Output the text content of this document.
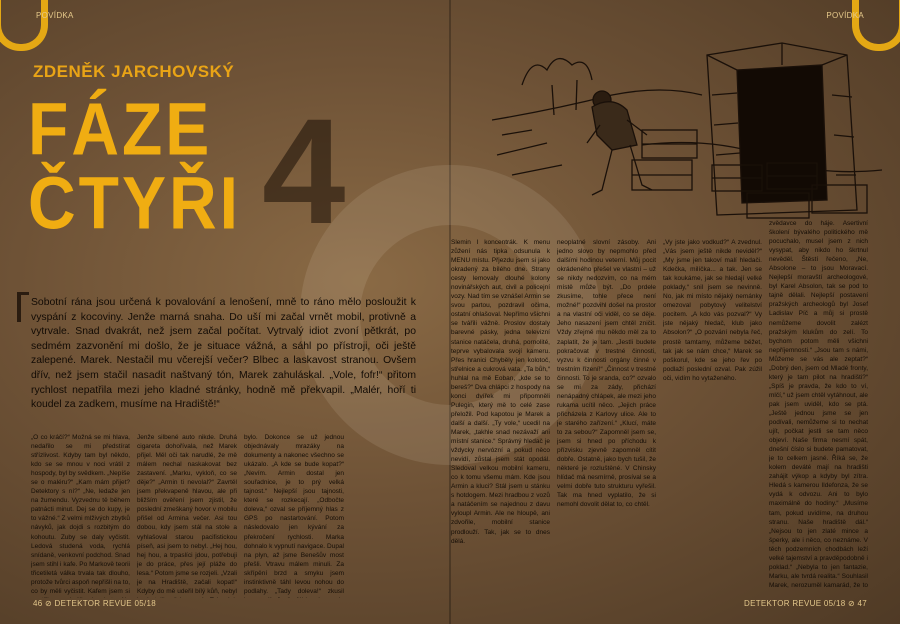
POVÍDKA	POVÍDKA
ZDENĚK JARCHOVSKÝ
4
FÁZE
ČTYŘI
Sobotní rána jsou určená k povalování a lenošení, mně to ráno mělo posloužit k vyspání z kocoviny. Jenže marná snaha. Do uší mi začal vrnět mobil, protivně a vytrvale. Snad dvakrát, než jsem začal počítat. Vytrvalý idiot zvoní pětkrát, po sedmém zazvonění mi došlo, že je situace vážná, a sáhl po přístroji, oči ještě zalepené. Marek. Nestačil mu včerejší večer? Blbec a laskavost stranou. Ovšem dřív, než jsem stačil nasadit naštvaný tón, Marek zahuláskal. „Vole, fofr!“ přitom rychlost nepatřila mezi jeho kladné stránky, hodně mě překvapil. „Malér, hoří ti koudel za zadkem, musíme na Hradiště!“
„O co kráčí?“ Možná se mi hlava, nedařilo se mi předstírat střízlivost. Kdyby tam byl někdo, kdo se se mnou v noci vrátil z hospody, byl by svědkem. „Nepíše se o maléru?“ „Kam mám přijet? Detektory s ní?“ „Ne, ledaže jen na žumendu. Vyzvednu tě během patnácti minut. Dej se do kupy, je to vážné.“ Z velmi mlživých zbytků návyků, jak dojdi s rozbitým do kohoutu. Zuby se daly vyčistit. Ledová studená voda, rychlá snídaně, venkovní podchod. Snad jsem stihl i kafe. Po Markově teorii třicetiletá válka trvala tak dlouho, protože tvůrci aspoň nepřišli na to, co by měli vyčistit. Kafem jsem si
Jenže silbené auto nikde. Druhá cigareta dohořívala, než Marek přijel. Měl oči tak narudlé, že mě málem nechal naskakovat bez zastavení. „Marku, vykloň, co se děje?“ „Armin ti nevolal?“ Zavrtěl jsem překvapeně hlavou, ale při bližším ověření jsem zjistil, že poslední zmeškaný hovor v mobilu přišel od Armina večer. Asi tou dobou, kdy jsem stál na stole a vyhlašoval starou pacifistickou píseň, asi jsem to nebyl. „Hej hou, hej hou, a trpaslíci jdou, potřebuji je do práce, přes její pláže do lesa.“ Potom jsme se rozjeli. „Vzali je na Hradiště, začali kopat!“ Kdyby do mě udeřil bílý kůň, nebyl
bylo. Dokonce se už jednou objednávaly mrazáky na dokumenty a nakonec všechno se ukázalo. „A kde se bude kopat?“ „Nevím. Armin dostal jen souřadnice, je to prý velká tajnost.“ Nejlepší jsou tajnosti, které se rozkecají. „Odbočte doleva,“ ozval se příjemný hlas z GPS po nastartování. Potom následovalo jen kývání za překročení rychlosti. Marka dohnalo k vypnutí navigace. Dupal na plyn, až jsme Benešův most přešli. Vtravu málem minuli. Za skřípění brzd a smyku jsem instinktivně táhl levou nohou do podlahy. „Tady doleva!“ zkusil
Slemin I koncentrák. K menu zůžení nás tipka odsunula k MENU místu. Přjezdu jsem si jako okradený za bílého dne. Strany cesty lemovaly dlouhé kolony novinářských aut, civil a policejní vozy. Nad tím se vznášel Armin se svou partou, pozdravil očima, ostatní ohlašoval. Nepřímo všichni se tvářili vážně. Proslov dostaly barevné pásky, jedna televizní stanice natáčela, druhá, pornolité, teprve vybalovala svojí kameru. Přes hranici Chyběly jen kolotoč, střelnice a cukrová vata. „Ta bůh,“ huhlal na mě Eoban, „kde se to bereš?“ Dva chlápci z hospody na konci dvířek mi připomněli Pulegin, který mě to celé zase přeložil. Pod kapotou je Marek a další a další. „Ty vole,“ ucedil na Marek, „takhle snad nezávaží ani místní stanice.“ Správný hledač je vždycky nervózní a pokud něco nevidí, zůstal jsem stát opodál. Sledoval velkou mobilní kameru, co k tomu všemu mám. Kde jsou Armin a kluci? Stál jsem u stánku s hotdogem. Mezi hradbou z vozů a natáčením se najednou z davu vyloupl Armin. Ale ne hloupě, ani zdvořile, mobilní stanice prodlouží. Tak, jak se to dnes dělá.
neoplatné slovní zásoby. Ani jedno slovo by nepmohlo před dalšími hodinou veterní. Můj pocit okrádeného přešel ve vlastní – už se nikdy nedozvím, co na mém místě může být. „Do prdele zkusíme, tohle přece není možné!“ pozdvihl došel na prostor a na vlastní oči viděl, co se děje. Jeho nasazení jsem chtěl zničit. Vždy zřejmě mu někdo měl za to zaplatit, že je tam. „Jestli budete pokračovat v trestné činnosti, vyzvu k činnosti orgány činné v trestním řízení!“ „Činnost v trestné činnosti. To je sranda, co?“ ozvalo se mi za zády, přichází nenápadný chlápek, ale mezi jeho rukama ucítil něco. „Jejich práce přicházela z Karlovy ulice. Ale to je starého zařízení.“ „Klucí, máte to za sebou?“ Zapomněl jsem se, jsem si hned po příchodu k přízvisku zjevně zapomněl cítit dobře. Ostatně, jako bych tušil, že některé je rozluštěné. V Chinsky hlídač má nesmírně, prosíval se a velmi dobře tuto strukturu vyřešil. Tak ma hned vyplatilo, že si nemohl dovolit dělat to, co chtěl.
„Vy jste jako vodkud?“ A zvednul. „Vás jsem ještě nikde neviděl?“ „My jsme jen takoví malí hledači. Kdečka, milíčka... a tak. Jen se tak koukáme, jak se hledají velké poklady,“ snil jsem se nevinně. No, jak mi místo nějaký nemánky omezoval pobytový velitelství pocitem. „A kdo vás pozval?“ Vy jste nějaký hledač, klub jako Absolon?“ „O pozvání nebyla řeč, prostě tamtamy, můžeme běžet, tak jak se nám chce,“ Marek se poškorul, kde se jeho řev po podlaží poslední ozval. Pak zúžil oči, vidím ho vytaženého.
zvědavce do háje. Asertivní školení bývalého politického mě pocuchalo, musel jsem z nich vysypat, aby nikdo ho škrtnul nevěděl. Štěstí řečeno, „Ne, Absolone – to jsou Moravací. Nejlepší moravští archeologové, byl Karel Absolon, tak se pod to tajně dělali. Nejlepší postavení pražských archeologů byl Josef Ladislav Píč a můj si prostě nemůžeme dovolit zalézt pražským klukům do zelí. To bychom potom měli všichni nepříjemnosti.“ „Jsou tam s námi, Můžeme se vás ale zeptat?“ „Dobrý den, jsem od Mladé fronty, který je tam pilot na hradišti?“ „Spíš je pravda, že kdo to ví, mlčí,“ už jsem chtěl vytáhnout, ale pak jsem uviděl, kdo se ptá. „Ještě jednou jsme se jen podívali, nemůžeme si to nechat ujít, počkat jestli se tam něco objeví. Naše firma nesmí spát, dnešní číslo si budete pamatovat, je to celkem jasné. Říká se, že kolem deváté mají na hradišti zahájit výkop a kdyby byl zítra. Hledá s kamerou Ildefonza, že se vydá k odvozu. Ani to bylo maximálně do hodiny.“ „Musíme tam, pokud uvidíme, na druhou stranu. Naše hradiště dál.“ „Nejsou to jen zlaté mince a šperky, ale i něco, co neznáme. V těch podzemních chodbách leží velké tajemství a pravděpodobně i poklad.“ „Nebyla to jen fantazie, Marku, ale tvrdá realita.“ Souhlasil Marek, nerozuměl kamarád, že to
46 ⊘ DETEKTOR REVUE 05/18	DETEKTOR REVUE 05/18 ⊘ 47
